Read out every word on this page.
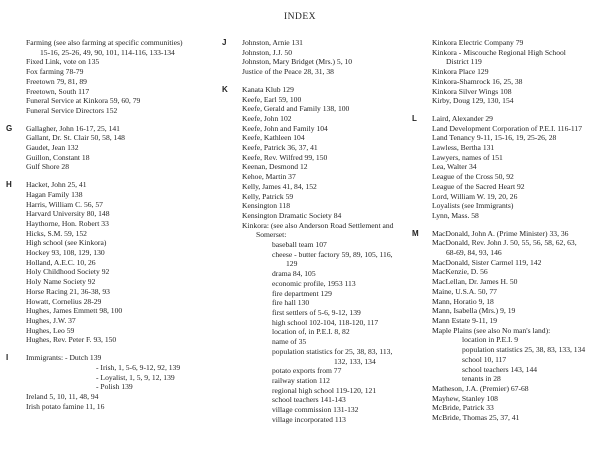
INDEX
Farming (see also farming at specific communities)
15-16, 25-26, 49, 90, 101, 114-116, 133-134
Fixed Link, vote on 135
Fox farming 78-79
Freetown 79, 81, 89
Freetown, South 117
Funeral Service at Kinkora 59, 60, 79
Funeral Service Directors 152
G Gallagher, John 16-17, 25, 141
Gallant, Dr. St. Clair 50, 58, 148
Gaudet, Jean 132
Guillon, Constant 18
Gulf Shore 28
H Hacket, John 25, 41
Hagan Family 138
Harris, William C. 56, 57
Harvard University 80, 148
Haythorne, Hon. Robert 33
Hicks, S.M. 59, 152
High school (see Kinkora)
Hockey 93, 108, 129, 130
Holland, A.E.C. 10, 26
Holy Childhood Society 92
Holy Name Society 92
Horse Racing 21, 36-38, 93
Howatt, Cornelius 28-29
Hughes, James Emmett 98, 100
Hughes, J.W. 37
Hughes, Leo 59
Hughes, Rev. Peter F. 93, 150
I Immigrants: - Dutch 139
- Irish, 1, 5-6, 9-12, 92, 139
- Loyalist, 1, 5, 9, 12, 139
- Polish 139
Ireland 5, 10, 11, 48, 94
Irish potato famine 11, 16
J Johnston, Arnie 131
Johnston, J.J. 50
Johnston, Mary Bridget (Mrs.) 5, 10
Justice of the Peace 28, 31, 38
K Kanata Klub 129
Keefe, Earl 59, 100
Keefe, Gerald and Family 138, 100
Keefe, John 102
Keefe, John and Family 104
Keefe, Kathleen 104
Keefe, Patrick 36, 37, 41
Keefe, Rev. Wilfred 99, 150
Keenan, Desmond 12
Kehoe, Martin 37
Kelly, James 41, 84, 152
Kelly, Patrick 59
Kensington 118
Kensington Dramatic Society 84
Kinkora: (see also Anderson Road Settlement and
Somerset:
baseball team 107
cheese - butter factory 59, 89, 105, 116,
129
drama 84, 105
economic profile, 1953 113
fire department 129
fire hall 130
first settlers of 5-6, 9-12, 139
high school 102-104, 118-120, 117
location of, in P.E.I. 8, 82
name of 35
population statistics for 25, 38, 83, 113,
132, 133, 134
potato exports from 77
railway station 112
regional high school 119-120, 121
school teachers 141-143
village commission 131-132
village incorporated 113
Kinkora Electric Company 79
Kinkora - Miscouche Regional High School
District 119
Kinkora Place 129
Kinkora-Shamrock 16, 25, 38
Kinkora Silver Wings 108
Kirby, Doug 129, 130, 154
L Laird, Alexander 29
Land Development Corporation of P.E.I. 116-117
Land Tenancy 9-11, 15-16, 19, 25-26, 28
Lawless, Bertha 131
Lawyers, names of 151
Lea, Walter 34
League of the Cross 50, 92
League of the Sacred Heart 92
Lord, William W. 19, 20, 26
Loyalists (see Immigrants)
Lynn, Mass. 58
M MacDonald, John A. (Prime Minister) 33, 36
MacDonald, Rev. John J. 50, 55, 56, 58, 62, 63,
68-69, 84, 93, 146
MacDonald, Sister Carmel 119, 142
MacKenzie, D. 56
MacLellan, Dr. James H. 50
Maine, U.S.A. 50, 77
Mann, Horatio 9, 18
Mann, Isabella (Mrs.) 9, 19
Mann Estate 9-11, 19
Maple Plains (see also No man's land):
location in P.E.I. 9
population statistics 25, 38, 83, 133, 134
school 10, 117
school teachers 143, 144
tenants in 28
Matheson, J.A. (Premier) 67-68
Mayhew, Stanley 108
McBride, Patrick 33
McBride, Thomas 25, 37, 41
